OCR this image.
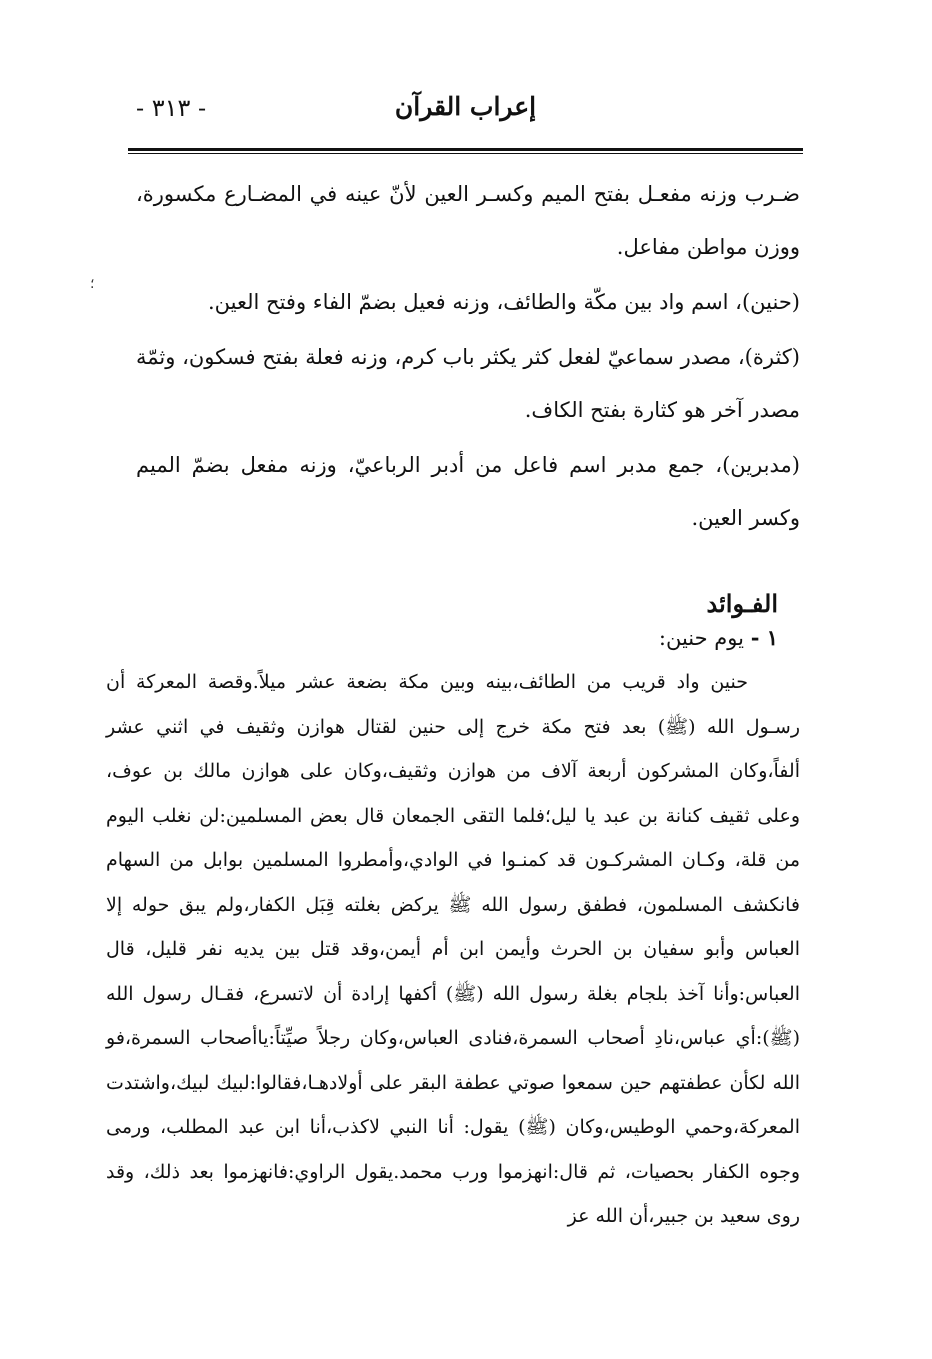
- ٣١٣ -	إعراب القرآن
؛

ضـرب وزنه مفعـل بفتح الميم وكسـر العين لأنّ عينه في المضـارع مكسورة، ووزن مواطن مفاعل.

(حنين)، اسم واد بين مكّة والطائف، وزنه فعيل بضمّ الفاء وفتح العين.

(كثرة)، مصدر سماعيّ لفعل كثر يكثر باب كرم، وزنه فعلة بفتح فسكون، وثمّة مصدر آخر هو كثارة بفتح الكاف.

(مدبرين)، جمع مدبر اسم فاعل من أدبر الرباعيّ، وزنه مفعل بضمّ الميم وكسر العين.

الفـوائد
١ - يوم حنين:

حنين واد قريب من الطائف،بينه وبين مكة بضعة عشر ميلاً.وقصة المعركة أن رسـول الله (ﷺ) بعد فتح مكة خرج إلى حنين لقتال هوازن وثقيف في اثني عشر ألفاً،وكان المشركون أربعة آلاف من هوازن وثقيف،وكان على هوازن مالك بن عوف، وعلى ثقيف كنانة بن عبد يا ليل؛فلما التقى الجمعان قال بعض المسلمين:لن نغلب اليوم من قلة، وكـان المشركـون قد كمنـوا في الوادي،وأمطروا المسلمين بوابل من السهام فانكشف المسلمون، فطفق رسول الله ﷺ يركض بغلته قِبَل الكفار،ولم يبق حوله إلا العباس وأبو سفيان بن الحرث وأيمن ابن أم أيمن،وقد قتل بين يديه نفر قليل، قال العباس:وأنا آخذ بلجام بغلة رسول الله (ﷺ) أكفها إرادة أن لاتسرع، فقـال رسول الله (ﷺ):أي عباس،نادِ أصحاب السمرة،فنادى العباس،وكان رجلاً صيِّتاً:ياأصحاب السمرة،فو الله لكأن عطفتهم حين سمعوا صوتي عطفة البقر على أولادهـا،فقالوا:لبيك لبيك،واشتدت المعركة،وحمي الوطيس،وكان (ﷺ) يقول: أنا النبي لاكذب،أنا ابن عبد المطلب، ورمى وجوه الكفار بحصيات، ثم قال:انهزموا ورب محمد.يقول الراوي:فانهزموا بعد ذلك، وقد روى سعيد بن جبير،أن الله عز
